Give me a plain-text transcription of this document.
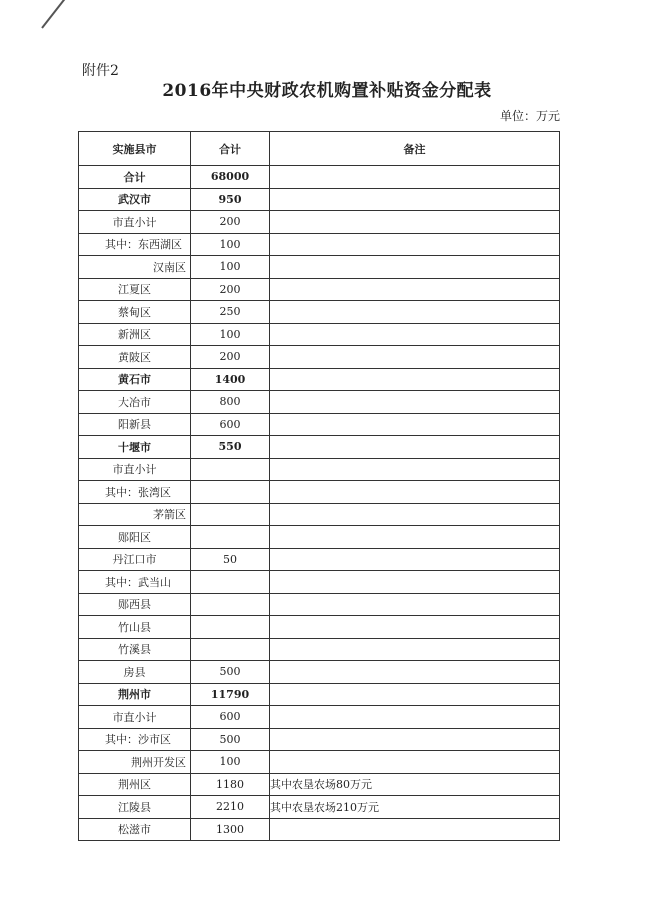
附件2
2016年中央财政农机购置补贴资金分配表
单位：万元
实施县市	合计	备注
合计	68000	
武汉市	950	
市直小计	200	
其中：东西湖区	100	
汉南区	100	
江夏区	200	
蔡甸区	250	
新洲区	100	
黄陂区	200	
黄石市	1400	
大冶市	800	
阳新县	600	
十堰市	550	
市直小计		
其中：张湾区		
茅箭区		
郧阳区		
丹江口市	50	
其中：武当山		
郧西县		
竹山县		
竹溪县		
房县	500	
荆州市	11790	
市直小计	600	
其中：沙市区	500	
荆州开发区	100	
荆州区	1180	其中农垦农场80万元
江陵县	2210	其中农垦农场210万元
松滋市	1300	
